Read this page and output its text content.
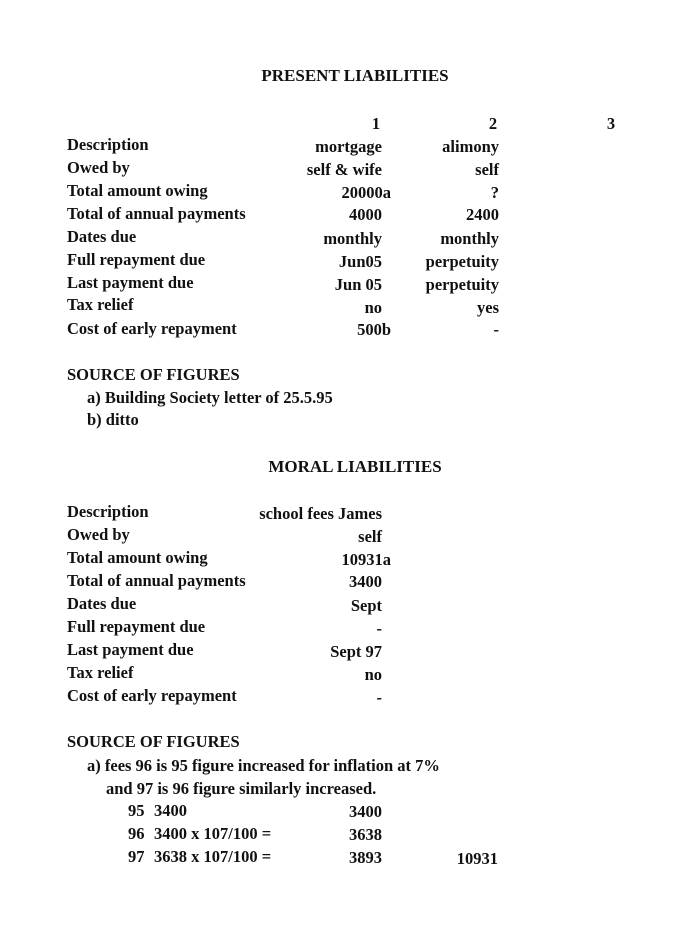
PRESENT LIABILITIES
1	2	3
Description	mortgage	alimony
Owed by	self & wife	self
Total amount owing	20000a	?
Total of annual payments	4000	2400
Dates due	monthly	monthly
Full repayment due	Jun05	perpetuity
Last payment due	Jun 05	perpetuity
Tax relief	no	yes
Cost of early repayment	500b	-
SOURCE OF FIGURES
a) Building Society letter of 25.5.95
b) ditto
MORAL LIABILITIES
Description	school fees James
Owed by	self
Total amount owing	10931a
Total of annual payments	3400
Dates due	Sept
Full repayment due	-
Last payment due	Sept 97
Tax relief	no
Cost of early repayment	-
SOURCE OF FIGURES
a) fees 96 is 95 figure increased for inflation at 7%
and 97 is 96 figure similarly increased.
95 3400	3400
96 3400 x 107/100 =	3638
97 3638 x 107/100 =	3893	10931
